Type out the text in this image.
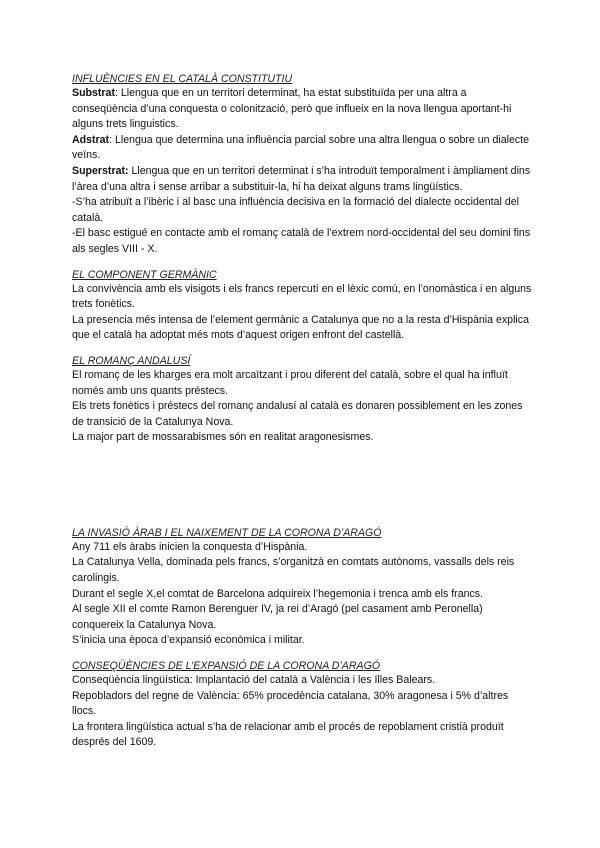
INFLUÈNCIES EN EL CATALÀ CONSTITUTIU

Substrat: Llengua que en un territori determinat, ha estat substituïda per una altra a conseqüència d’una conquesta o colonització, però que influeix en la nova llengua aportant-hi alguns trets linguistics.

Adstrat: Llengua que determina una influència parcial sobre una altra llengua o sobre un dialecte veïns.

Superstrat: Llengua que en un territori determinat i s’ha introduït temporalment i àmpliament dins l’àrea d’una altra i sense arribar a substituir-la, hi ha deixat alguns trams lingüístics.

-S’ha atribuït a l’ibèric i al basc una influència decisiva en la formació del dialecte occidental del català.

-El basc estigué en contacte amb el romanç català de l’extrem nord-occidental del seu domini fins als segles VIII - X.

EL COMPONENT GERMÀNIC

La convivència amb els visigots i els francs repercutí en el lèxic comú, en l’onomàstica i en alguns trets fonètics.

La presencia més intensa de l’element germànic a Catalunya que no a la resta d’Hispània explica que el català ha adoptat més mots d’aquest origen enfront del castellà.

EL ROMANÇ ANDALUSÍ

El romanç de les kharges era molt arcaïtzant i prou diferent del català, sobre el qual ha influït només amb uns quants préstecs.

Els trets fonètics i préstecs del romanç andalusí al català es donaren possiblement en les zones de transició de la Catalunya Nova.

La major part de mossarabismes són en realitat aragonesismes.

LA INVASIÓ ÀRAB I EL NAIXEMENT DE LA CORONA D’ARAGÓ

Any 711 els àrabs inicien la conquesta d’Hispània.

La Catalunya Vella, dominada pels francs, s’organitzà en comtats autònoms, vassalls dels reis carolingis.

Durant el segle X,el comtat de Barcelona adquireix l’hegemonia i trenca amb els francs.

Al segle XII el comte Ramon Berenguer IV, ja rei d’Aragó (pel casament amb Peronella) conquereix la Catalunya Nova.

S’inicia una època d’expansió econòmica i militar.

CONSEQÜÈNCIES DE L’EXPANSIÓ DE LA CORONA D’ARAGÓ

Conseqüència lingüística: Implantació del català a València i les Illes Balears.

Repobladors del regne de València: 65% procedència catalana, 30% aragonesa i 5% d’altres llocs.

La frontera lingüística actual s’ha de relacionar amb el procés de repoblament cristià produït després del 1609.
